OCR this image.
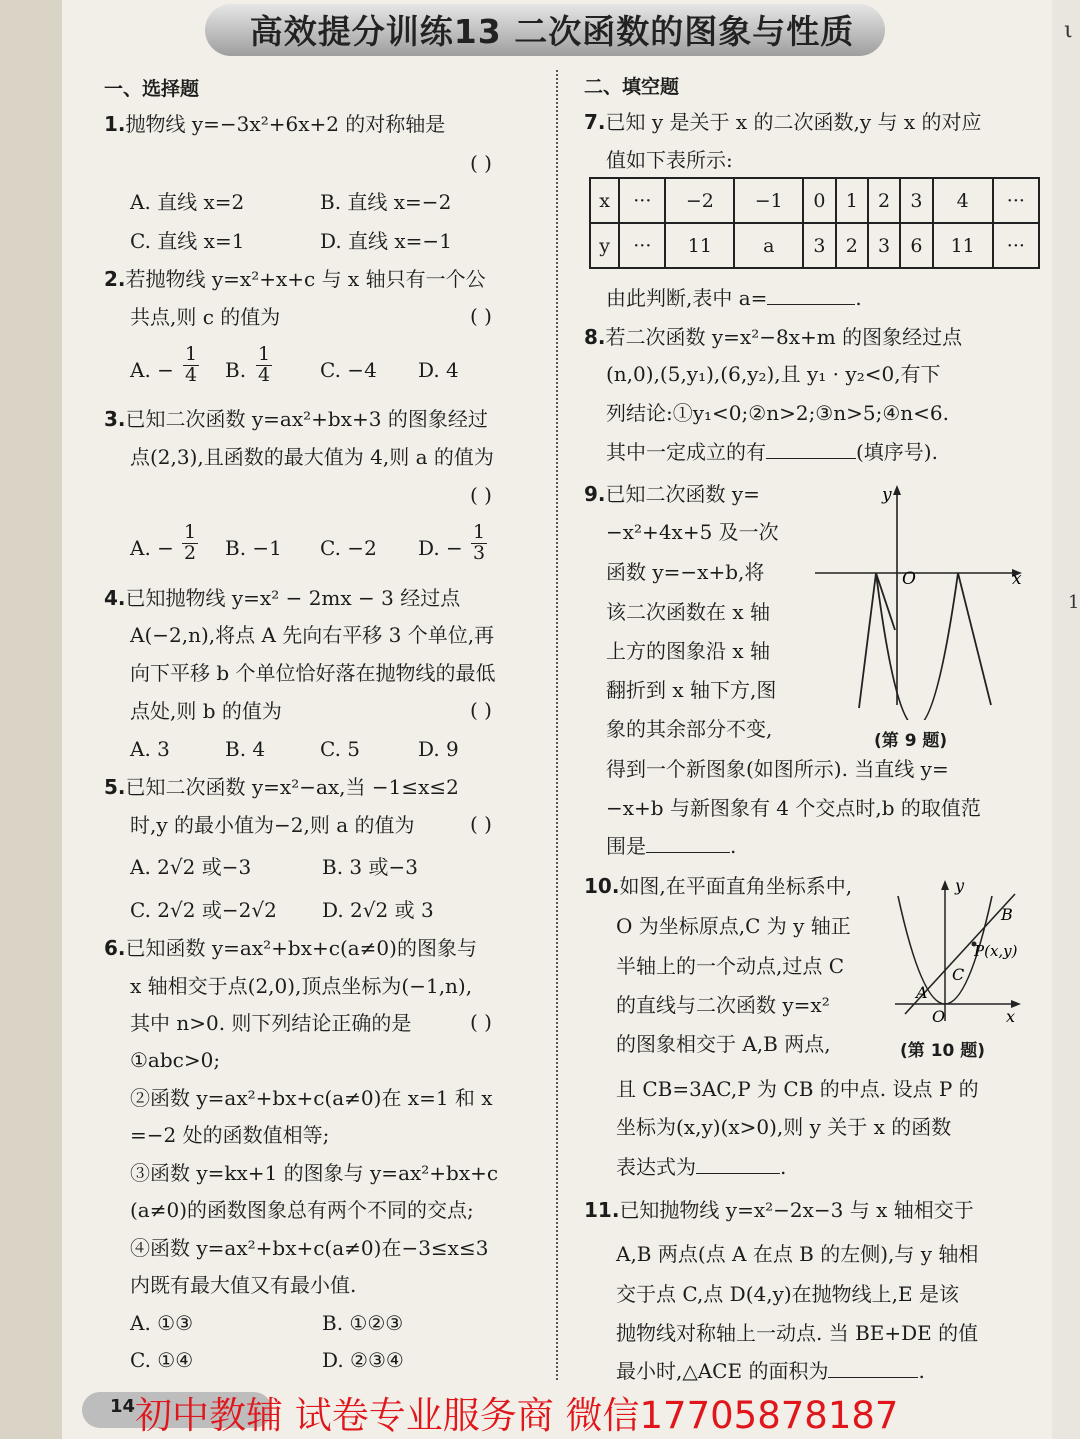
ι
1
高效提分训练13 二次函数的图象与性质
一、选择题
1.抛物线 y=−3x²+6x+2 的对称轴是
( )
A. 直线 x=2	B. 直线 x=−2
C. 直线 x=1	D. 直线 x=−1
2.若抛物线 y=x²+x+c 与 x 轴只有一个公
共点,则 c 的值为	( )
A. − $\frac{1}{4} B$. $\frac{1}{4} C$. −4 D. 4
3.已知二次函数 y=ax²+bx+3 的图象经过
点(2,3),且函数的最大值为 4,则 a 的值为
( )
A. − $\frac{1}{2} B$. −1 C. −2 D. − $\frac{1}{3}$
4.已知抛物线 y=x² − 2mx − 3 经过点
A(−2,n),将点 A 先向右平移 3 个单位,再
向下平移 b 个单位恰好落在抛物线的最低
点处,则 b 的值为	( )
A. 3	B. 4	C. 5	D. 9
5.已知二次函数 y=x²−ax,当 −1≤x≤2
时,y 的最小值为−2,则 a 的值为	( )
A. 2√2 或−3	B. 3 或−3
C. 2√2 或−2√2 D. 2√2 或 3
6.已知函数 y=ax²+bx+c(a≠0)的图象与
x 轴相交于点(2,0),顶点坐标为(−1,n),
其中 n>0. 则下列结论正确的是	( )
①abc>0;
②函数 y=ax²+bx+c(a≠0)在 x=1 和 x
=−2 处的函数值相等;
③函数 y=kx+1 的图象与 y=ax²+bx+c
(a≠0)的函数图象总有两个不同的交点;
④函数 y=ax²+bx+c(a≠0)在−3≤x≤3
内既有最大值又有最小值.
A. ①③	B. ①②③
C. ①④	D. ②③④
二、填空题
7.已知 y 是关于 x 的二次函数,y 与 x 的对应
值如下表所示:
x	···	−2	−1	0	1	2	3	4	···
y	···	11	a	3	2	3	6	11	···
由此判断,表中 a=	.
8.若二次函数 y=x²−8x+m 的图象经过点
(n,0),(5,y₁),(6,y₂),且 y₁ · y₂<0,有下
列结论:①y₁<0;②n>2;③n>5;④n<6.
其中一定成立的有	(填序号).
9.已知二次函数 y=
−x²+4x+5 及一次
函数 y=−x+b,将
该二次函数在 x 轴
上方的图象沿 x 轴
翻折到 x 轴下方,图
象的其余部分不变,
得到一个新图象(如图所示). 当直线 y=
−x+b 与新图象有 4 个交点时,b 的取值范
围是	.
y
x
O
(第 9 题)
10.如图,在平面直角坐标系中,
O 为坐标原点,C 为 y 轴正
半轴上的一个动点,过点 C
的直线与二次函数 y=x²
的图象相交于 A,B 两点,
且 CB=3AC,P 为 CB 的中点. 设点 P 的
坐标为(x,y)(x>0),则 y 关于 x 的函数
表达式为	.
y
x
O
A
B
C
P(x,y)
(第 10 题)
11.已知抛物线 y=x²−2x−3 与 x 轴相交于
A,B 两点(点 A 在点 B 的左侧),与 y 轴相
交于点 C,点 D(4,y)在抛物线上,E 是该
抛物线对称轴上一动点. 当 BE+DE 的值
最小时,△ACE 的面积为	.
14 初中教辅 试卷专业服务商 微信17705878187
